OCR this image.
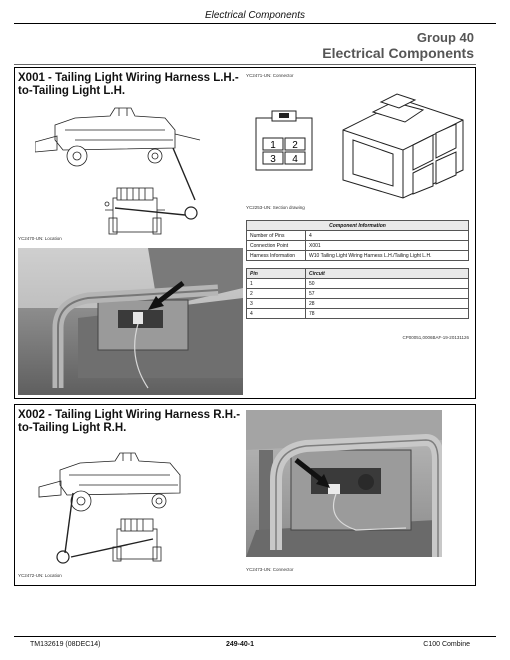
Electrical Components
Group 40
Electrical Components
X001 - Tailing Light Wiring Harness L.H.-
to-Tailing Light L.H.
YC2470-UN: Location
1 2
3 4
YC2471-UN: Connector
YC2253-UN: Section drawing
Component Information	
Number of Pins	4
Connection Point	X001
Harness Information	W10 Tailing Light Wiring Harness L.H./Tailing Light L.H.
Pin	Circuit
1	50
2	57
3	28
4	78
CP00051,0006BAF-19-20131126
X002 - Tailing Light Wiring Harness R.H.-
to-Tailing Light R.H.
YC2472-UN: Location
YC2473-UN: Connector
TM132619 (08DEC14)	249-40-1	C100 Combine
